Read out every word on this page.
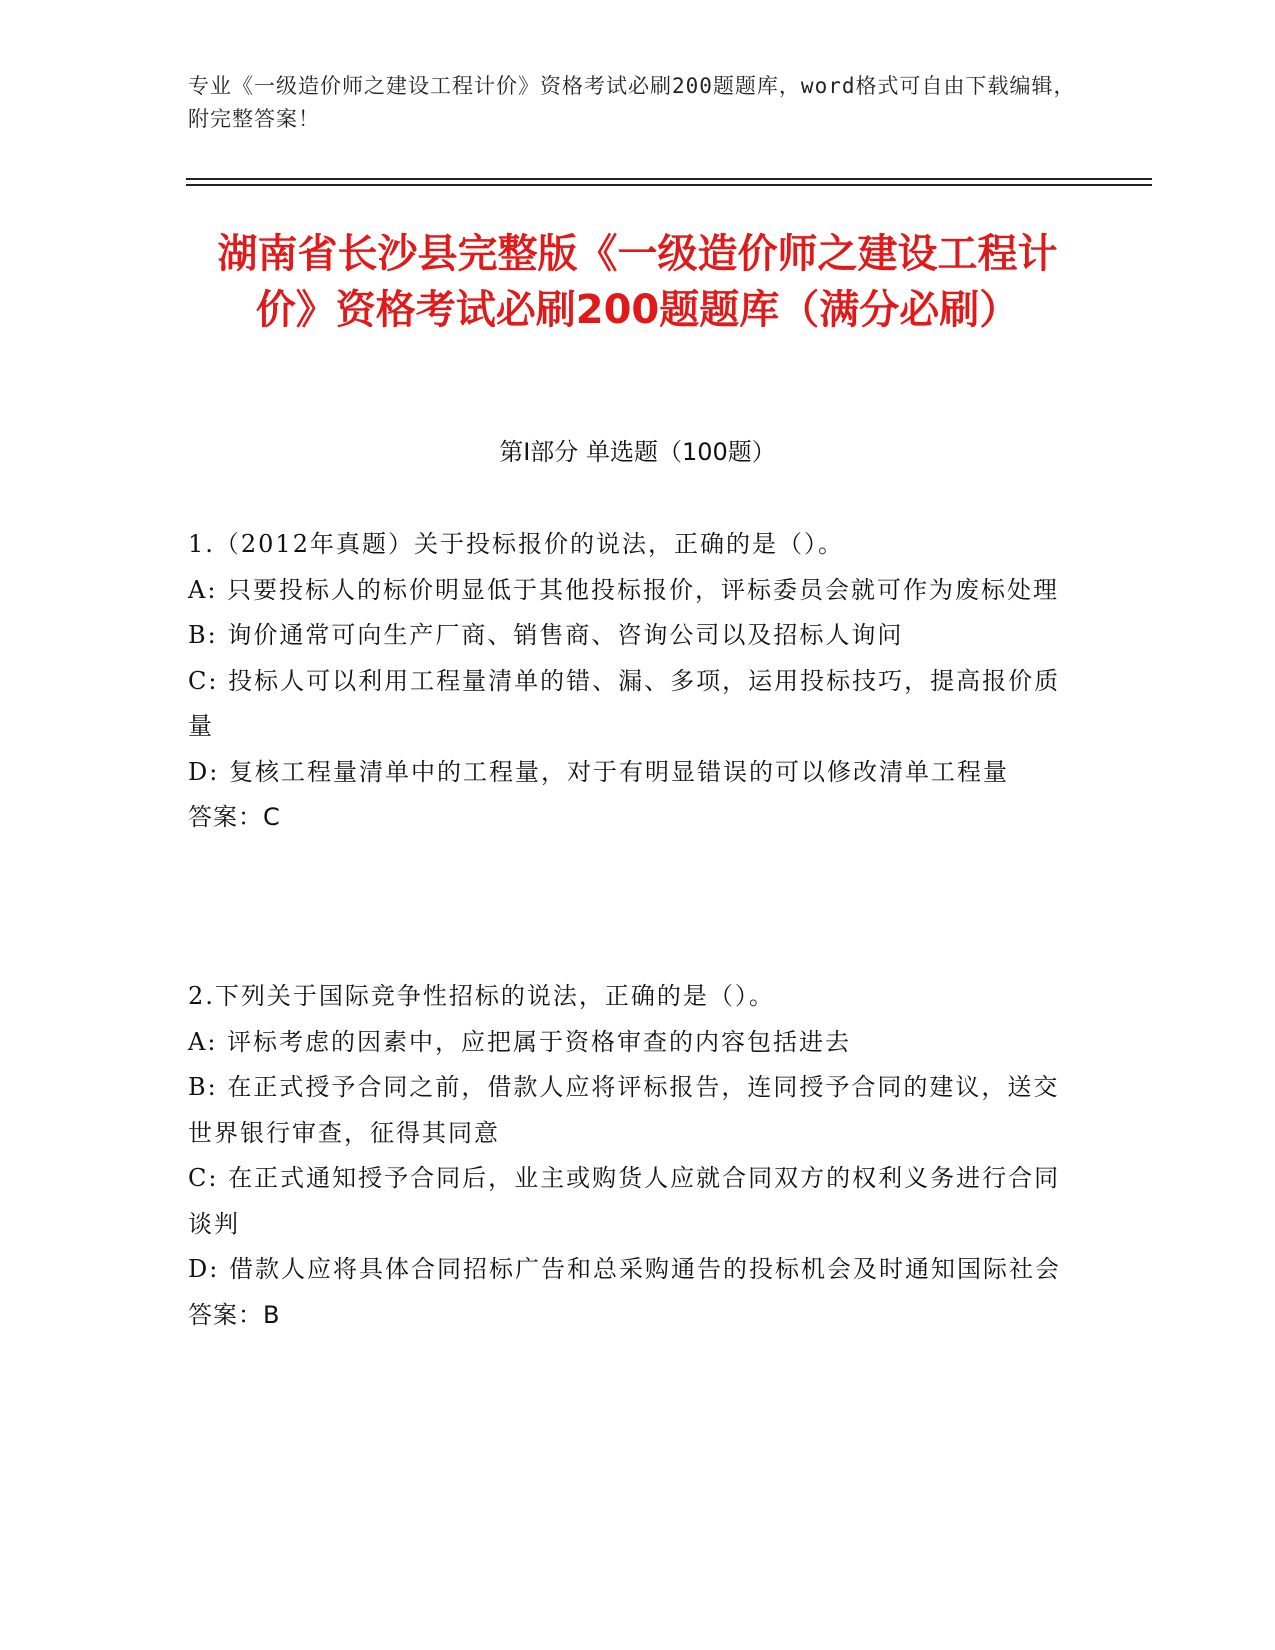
专业《一级造价师之建设工程计价》资格考试必刷200题题库，word格式可自由下载编辑，附完整答案！
湖南省长沙县完整版《一级造价师之建设工程计价》资格考试必刷200题题库（满分必刷）
第I部分 单选题（100题）
1.（2012年真题）关于投标报价的说法，正确的是（）。
A: 只要投标人的标价明显低于其他投标报价，评标委员会就可作为废标处理
B: 询价通常可向生产厂商、销售商、咨询公司以及招标人询问
C: 投标人可以利用工程量清单的错、漏、多项，运用投标技巧，提高报价质量
D: 复核工程量清单中的工程量，对于有明显错误的可以修改清单工程量
答案：C
2.下列关于国际竞争性招标的说法，正确的是（）。
A: 评标考虑的因素中，应把属于资格审查的内容包括进去
B: 在正式授予合同之前，借款人应将评标报告，连同授予合同的建议，送交世界银行审查，征得其同意
C: 在正式通知授予合同后，业主或购货人应就合同双方的权利义务进行合同谈判
D: 借款人应将具体合同招标广告和总采购通告的投标机会及时通知国际社会
答案：B
